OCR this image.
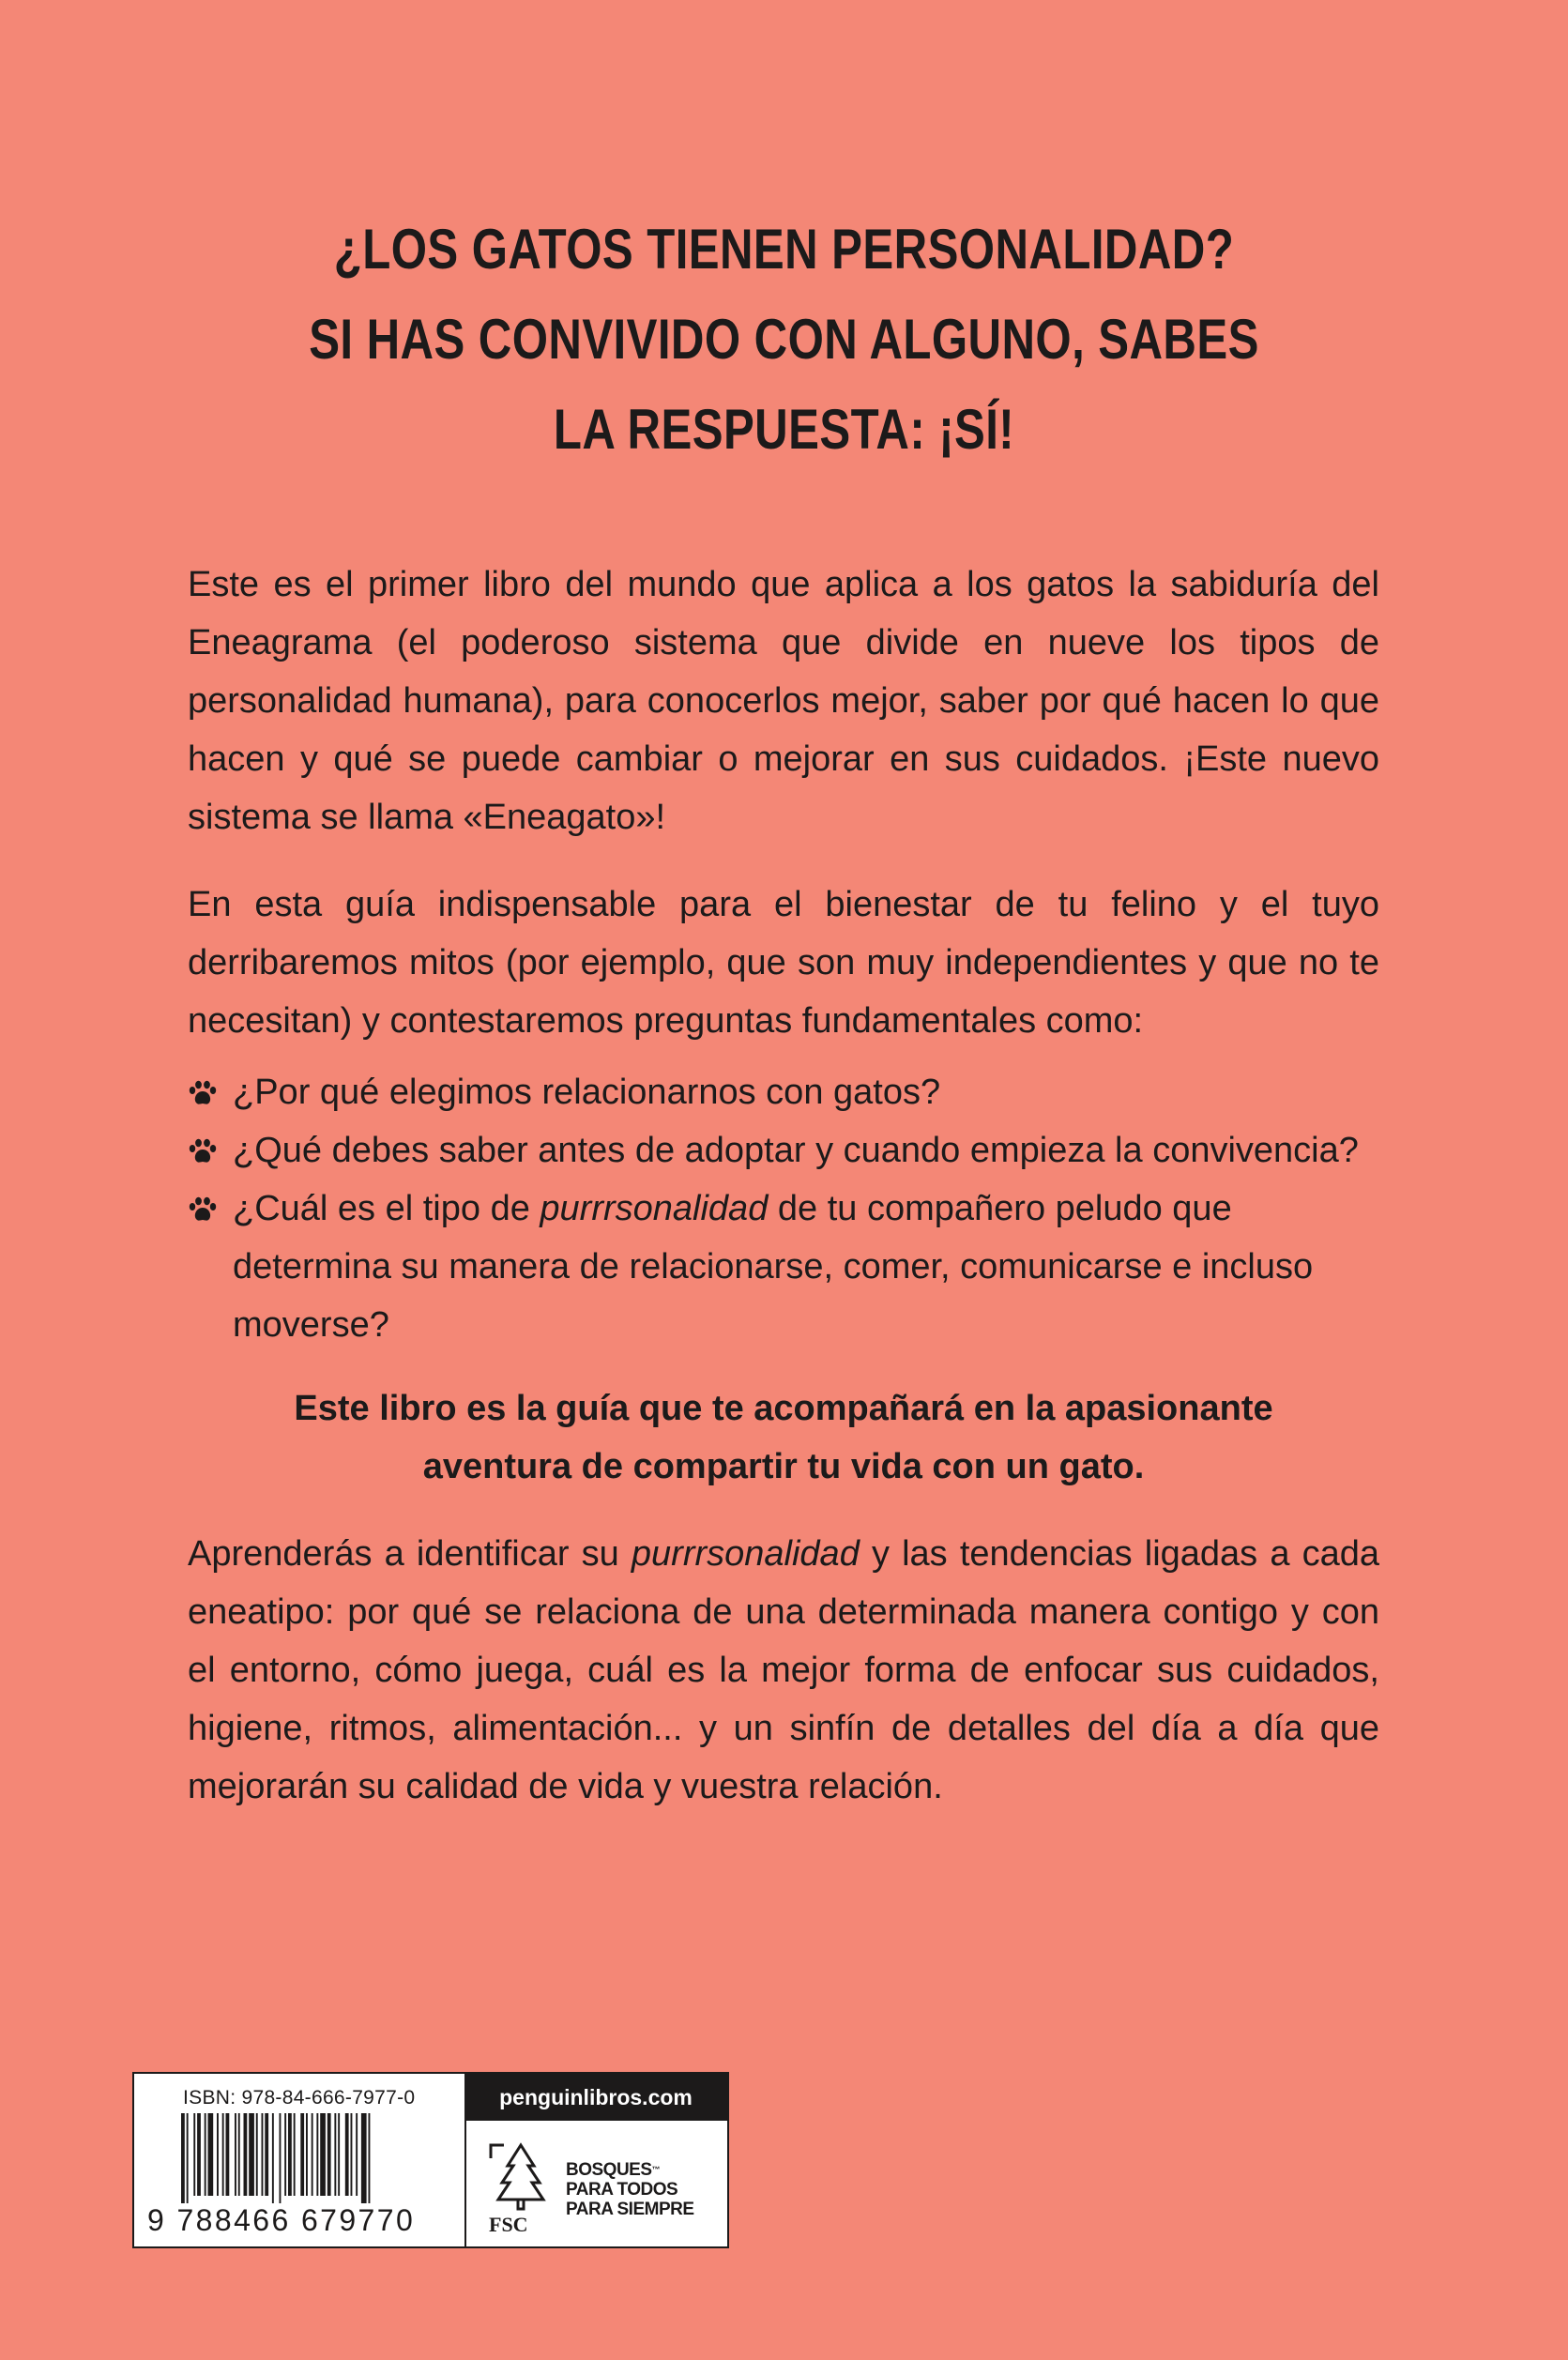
¿LOS GATOS TIENEN PERSONALIDAD?
SI HAS CONVIVIDO CON ALGUNO, SABES
LA RESPUESTA: ¡SÍ!

Este es el primer libro del mundo que aplica a los gatos la sabiduría del Eneagrama (el poderoso sistema que divide en nueve los tipos de personalidad humana), para conocerlos mejor, saber por qué hacen lo que hacen y qué se puede cambiar o mejorar en sus cuidados. ¡Este nuevo sistema se llama «Eneagato»!

En esta guía indispensable para el bienestar de tu felino y el tuyo derribaremos mitos (por ejemplo, que son muy independientes y que no te necesitan) y contestaremos preguntas fundamentales como:

¿Por qué elegimos relacionarnos con gatos?
¿Qué debes saber antes de adoptar y cuando empieza la convivencia?
¿Cuál es el tipo de purrrsonalidad de tu compañero peludo que determina su manera de relacionarse, comer, comunicarse e incluso moverse?

Este libro es la guía que te acompañará en la apasionante
aventura de compartir tu vida con un gato.

Aprenderás a identificar su purrrsonalidad y las tendencias ligadas a cada eneatipo: por qué se relaciona de una determinada manera contigo y con el entorno, cómo juega, cuál es la mejor forma de enfocar sus cuidados, higiene, ritmos, alimentación... y un sinfín de detalles del día a día que mejorarán su calidad de vida y vuestra relación.

ISBN: 978-84-666-7977-0
9 788466 679770
penguinlibros.com
FSC
BOSQUES™
PARA TODOS
PARA SIEMPRE
